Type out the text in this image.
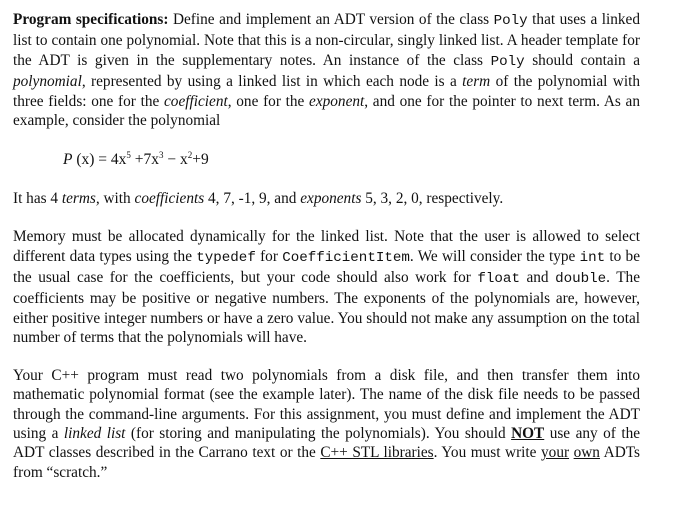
Program specifications: Define and implement an ADT version of the class Poly that uses a linked list to contain one polynomial. Note that this is a non-circular, singly linked list. A header template for the ADT is given in the supplementary notes. An instance of the class Poly should contain a polynomial, represented by using a linked list in which each node is a term of the polynomial with three fields: one for the coefficient, one for the exponent, and one for the pointer to next term. As an example, consider the polynomial

P $(x) = 4x^5 +7x^3 - x^2+9$

It has 4 terms, with coefficients 4, 7, -1, 9, and exponents 5, 3, 2, 0, respectively.

Memory must be allocated dynamically for the linked list. Note that the user is allowed to select different data types using the typedef for CoefficientItem. We will consider the type int to be the usual case for the coefficients, but your code should also work for float and double. The coefficients may be positive or negative numbers. The exponents of the polynomials are, however, either positive integer numbers or have a zero value. You should not make any assumption on the total number of terms that the polynomials will have.

Your C++ program must read two polynomials from a disk file, and then transfer them into mathematic polynomial format (see the example later). The name of the disk file needs to be passed through the command-line arguments. For this assignment, you must define and implement the ADT using a linked list (for storing and manipulating the polynomials). You should NOT use any of the ADT classes described in the Carrano text or the C++ STL libraries. You must write your own ADTs from “scratch.”
